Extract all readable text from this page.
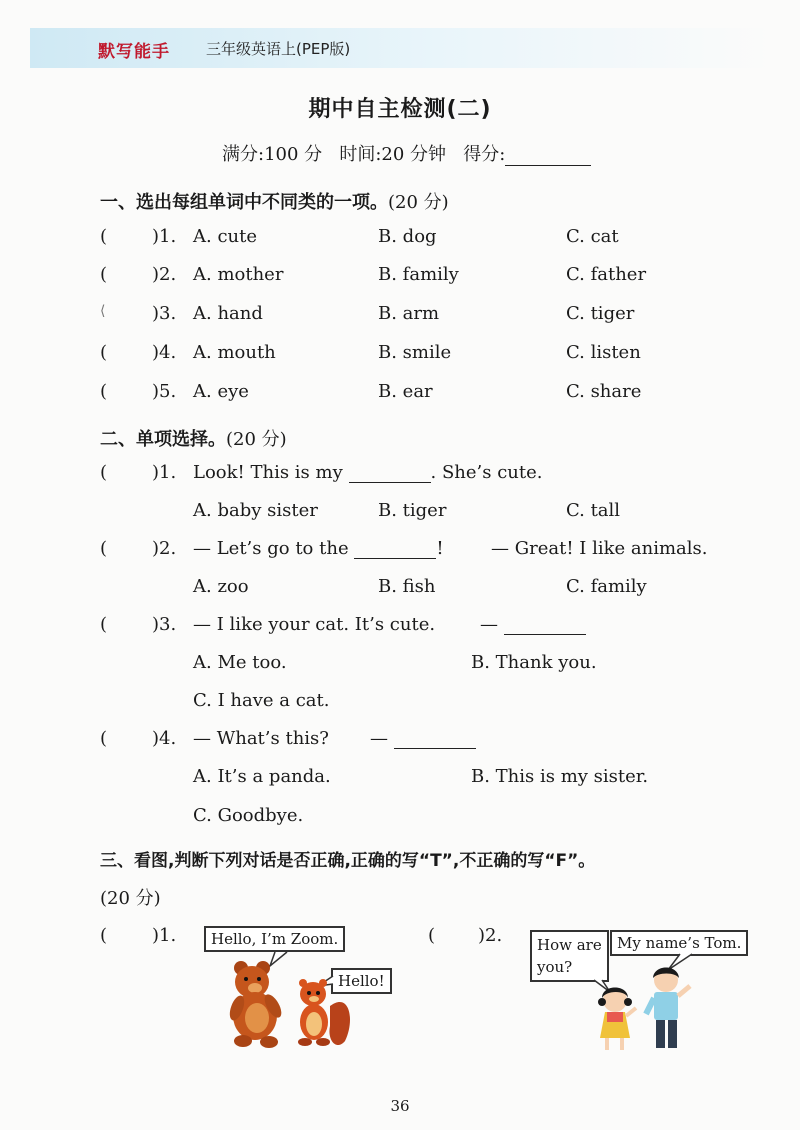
默写能手 三年级英语上(PEP版)
期中自主检测(二)
满分:100 分 时间:20 分钟 得分:
一、选出每组单词中不同类的一项。(20 分)
( )1. A. cute	B. dog	C. cat
( )2. A. mother	B. family	C. father
⟨	)3. A. hand	B. arm	C. tiger
( )4. A. mouth	B. smile	C. listen
( )5. A. eye	B. ear	C. share
二、单项选择。(20 分)
( )1. Look! This is my	. She’s cute.
A. baby sister	B. tiger	C. tall
( )2. — Let’s go to the	!	— Great! I like animals.
A. zoo	B. fish	C. family
( )3. — I like your cat. It’s cute. —
A. Me too.	B. Thank you.
C. I have a cat.
( )4. — What’s this? —
A. It’s a panda.	B. This is my sister.
C. Goodbye.
三、看图,判断下列对话是否正确,正确的写“T”,不正确的写“F”。
(20 分)
( )1.	Hello, I’m Zoom.
Hello!
( )2. How are
you?
My name’s Tom.
36
